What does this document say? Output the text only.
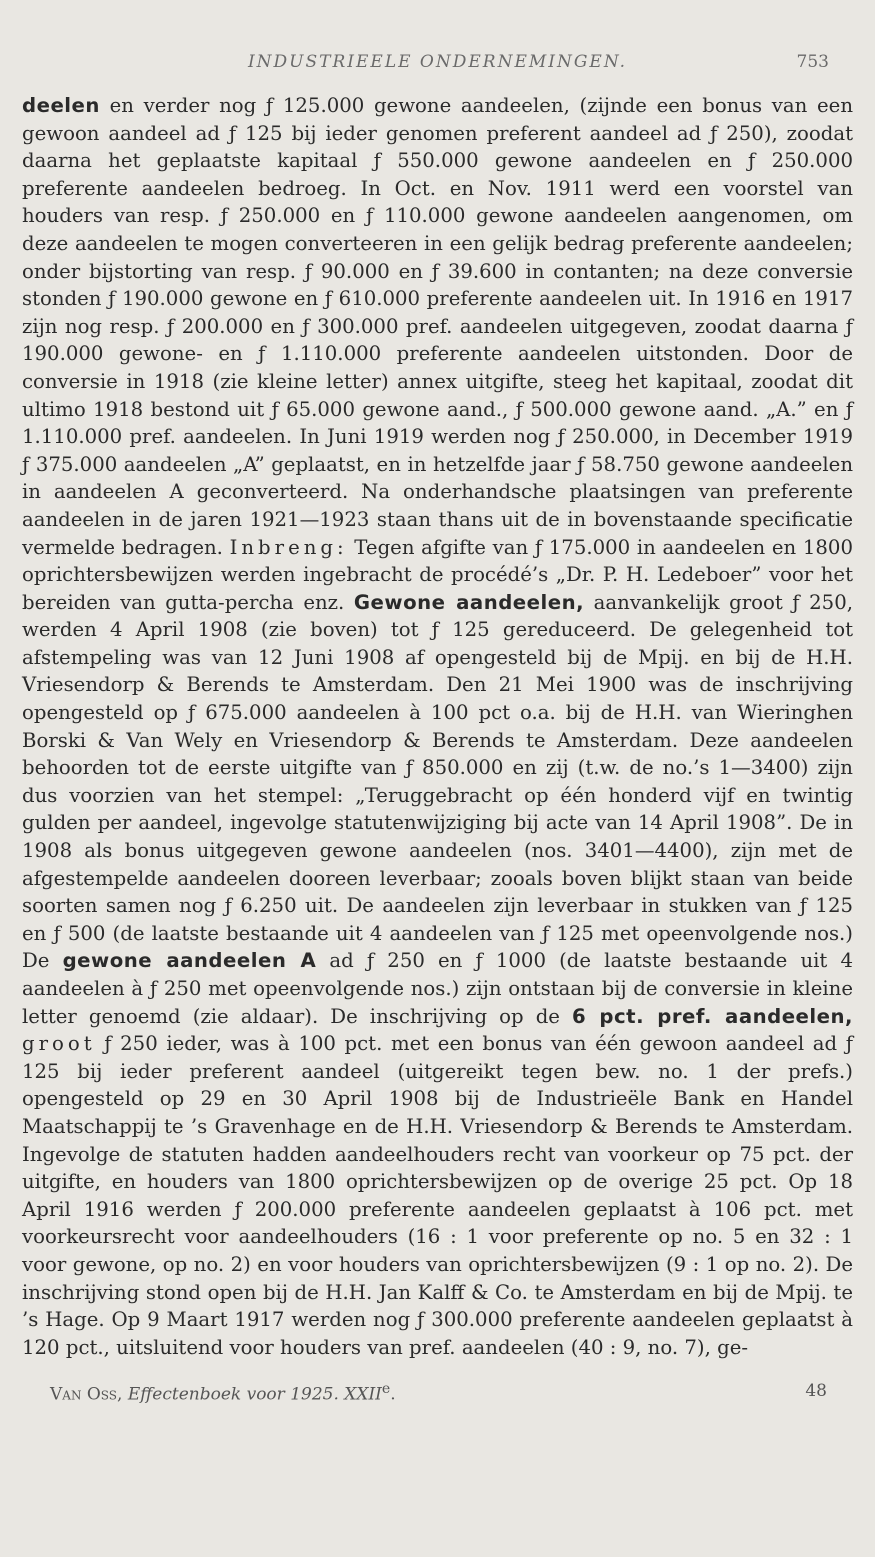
INDUSTRIEELE ONDERNEMINGEN.	753

deelen en verder nog ƒ 125.000 gewone aandeelen, (zijnde een bonus van een gewoon aandeel ad ƒ 125 bij ieder genomen preferent aandeel ad ƒ 250), zoodat daarna het geplaatste kapitaal ƒ 550.000 gewone aandeelen en ƒ 250.000 preferente aandeelen bedroeg. In Oct. en Nov. 1911 werd een voorstel van houders van resp. ƒ 250.000 en ƒ 110.000 gewone aandeelen aangenomen, om deze aandeelen te mogen converteeren in een gelijk bedrag preferente aandeelen; onder bijstorting van resp. ƒ 90.000 en ƒ 39.600 in contanten; na deze conversie stonden ƒ 190.000 gewone en ƒ 610.000 preferente aandeelen uit. In 1916 en 1917 zijn nog resp. ƒ 200.000 en ƒ 300.000 pref. aandeelen uitgegeven, zoodat daarna ƒ 190.000 gewone- en ƒ 1.110.000 preferente aandeelen uitstonden. Door de conversie in 1918 (zie kleine letter) annex uitgifte, steeg het kapitaal, zoodat dit ultimo 1918 bestond uit ƒ 65.000 gewone aand., ƒ 500.000 gewone aand. „A.” en ƒ 1.110.000 pref. aandeelen. In Juni 1919 werden nog ƒ 250.000, in December 1919 ƒ 375.000 aandeelen „A” geplaatst, en in hetzelfde jaar ƒ 58.750 gewone aandeelen in aandeelen A geconverteerd. Na onderhandsche plaatsingen van preferente aandeelen in de jaren 1921—1923 staan thans uit de in bovenstaande specificatie vermelde bedragen. Inbreng: Tegen afgifte van ƒ 175.000 in aandeelen en 1800 oprichtersbewijzen werden ingebracht de procédé’s „Dr. P. H. Ledeboer” voor het bereiden van gutta-percha enz. Gewone aandeelen, aanvankelijk groot ƒ 250, werden 4 April 1908 (zie boven) tot ƒ 125 gereduceerd. De gelegenheid tot afstempeling was van 12 Juni 1908 af opengesteld bij de Mpij. en bij de H.H. Vriesendorp & Berends te Amsterdam. Den 21 Mei 1900 was de inschrijving opengesteld op ƒ 675.000 aandeelen à 100 pct o.a. bij de H.H. van Wieringhen Borski & Van Wely en Vriesendorp & Berends te Amsterdam. Deze aandeelen behoorden tot de eerste uitgifte van ƒ 850.000 en zij (t.w. de no.’s 1—3400) zijn dus voorzien van het stempel: „Teruggebracht op één honderd vijf en twintig gulden per aandeel, ingevolge statutenwijziging bij acte van 14 April 1908”. De in 1908 als bonus uitgegeven gewone aandeelen (nos. 3401—4400), zijn met de afgestempelde aandeelen dooreen leverbaar; zooals boven blijkt staan van beide soorten samen nog ƒ 6.250 uit. De aandeelen zijn leverbaar in stukken van ƒ 125 en ƒ 500 (de laatste bestaande uit 4 aandeelen van ƒ 125 met opeenvolgende nos.) De gewone aandeelen A ad ƒ 250 en ƒ 1000 (de laatste bestaande uit 4 aandeelen à ƒ 250 met opeenvolgende nos.) zijn ontstaan bij de conversie in kleine letter genoemd (zie aldaar). De inschrijving op de 6 pct. pref. aandeelen, groot ƒ 250 ieder, was à 100 pct. met een bonus van één gewoon aandeel ad ƒ 125 bij ieder preferent aandeel (uitgereikt tegen bew. no. 1 der prefs.) opengesteld op 29 en 30 April 1908 bij de Industrieële Bank en Handel Maatschappij te ’s Gravenhage en de H.H. Vriesendorp & Berends te Amsterdam. Ingevolge de statuten hadden aandeelhouders recht van voorkeur op 75 pct. der uitgifte, en houders van 1800 oprichtersbewijzen op de overige 25 pct. Op 18 April 1916 werden ƒ 200.000 preferente aandeelen geplaatst à 106 pct. met voorkeursrecht voor aandeelhouders (16 : 1 voor preferente op no. 5 en 32 : 1 voor gewone, op no. 2) en voor houders van oprichtersbewijzen (9 : 1 op no. 2). De inschrijving stond open bij de H.H. Jan Kalff & Co. te Amsterdam en bij de Mpij. te ’s Hage. Op 9 Maart 1917 werden nog ƒ 300.000 preferente aandeelen geplaatst à 120 pct., uitsluitend voor houders van pref. aandeelen (40 : 9, no. 7), ge-

Van Oss, Effectenboek voor 1925. XXIIe.	48
